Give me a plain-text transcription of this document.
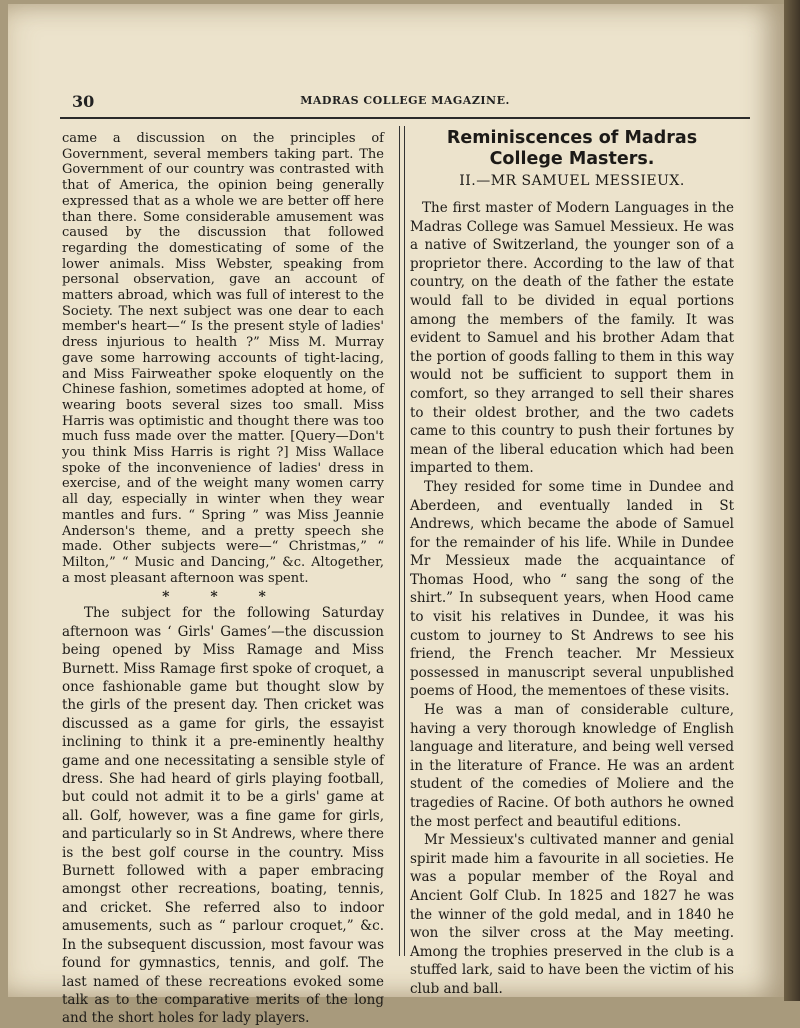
30	MADRAS COLLEGE MAGAZINE.

came a discussion on the principles of Government, several members taking part. The Government of our country was contrasted with that of America, the opinion being generally expressed that as a whole we are better off here than there. Some considerable amusement was caused by the discussion that followed regarding the domesticating of some of the lower animals. Miss Webster, speaking from personal observation, gave an account of matters abroad, which was full of interest to the Society. The next subject was one dear to each member's heart—“ Is the present style of ladies' dress injurious to health ?” Miss M. Murray gave some harrowing accounts of tight-lacing, and Miss Fairweather spoke eloquently on the Chinese fashion, sometimes adopted at home, of wearing boots several sizes too small. Miss Harris was optimistic and thought there was too much fuss made over the matter. [Query—Don't you think Miss Harris is right ?] Miss Wallace spoke of the inconvenience of ladies' dress in exercise, and of the weight many women carry all day, especially in winter when they wear mantles and furs. “ Spring ” was Miss Jeannie Anderson's theme, and a pretty speech she made. Other subjects were—“ Christmas,” “ Milton,” “ Music and Dancing,” &c. Altogether, a most pleasant afternoon was spent.

* * *

The subject for the following Saturday afternoon was ‘ Girls' Games’—the discussion being opened by Miss Ramage and Miss Burnett. Miss Ramage first spoke of croquet, a once fashionable game but thought slow by the girls of the present day. Then cricket was discussed as a game for girls, the essayist inclining to think it a pre-eminently healthy game and one necessitating a sensible style of dress. She had heard of girls playing football, but could not admit it to be a girls' game at all. Golf, however, was a fine game for girls, and particularly so in St Andrews, where there is the best golf course in the country. Miss Burnett followed with a paper embracing amongst other recreations, boating, tennis, and cricket. She referred also to indoor amusements, such as “ parlour croquet,” &c. In the subsequent discussion, most favour was found for gymnastics, tennis, and golf. The last named of these recreations evoked some talk as to the comparative merits of the long and the short holes for lady players.

Reminiscences of Madras College Masters.
II.—MR SAMUEL MESSIEUX.

The first master of Modern Languages in the Madras College was Samuel Messieux. He was a native of Switzerland, the younger son of a proprietor there. According to the law of that country, on the death of the father the estate would fall to be divided in equal portions among the members of the family. It was evident to Samuel and his brother Adam that the portion of goods falling to them in this way would not be sufficient to support them in comfort, so they arranged to sell their shares to their oldest brother, and the two cadets came to this country to push their fortunes by mean of the liberal education which had been imparted to them.

They resided for some time in Dundee and Aberdeen, and eventually landed in St Andrews, which became the abode of Samuel for the remainder of his life. While in Dundee Mr Messieux made the acquaintance of Thomas Hood, who “ sang the song of the shirt.” In subsequent years, when Hood came to visit his relatives in Dundee, it was his custom to journey to St Andrews to see his friend, the French teacher. Mr Messieux possessed in manuscript several unpublished poems of Hood, the mementoes of these visits.

He was a man of considerable culture, having a very thorough knowledge of English language and literature, and being well versed in the literature of France. He was an ardent student of the comedies of Moliere and the tragedies of Racine. Of both authors he owned the most perfect and beautiful editions.

Mr Messieux's cultivated manner and genial spirit made him a favourite in all societies. He was a popular member of the Royal and Ancient Golf Club. In 1825 and 1827 he was the winner of the gold medal, and in 1840 he won the silver cross at the May meeting. Among the trophies preserved in the club is a stuffed lark, said to have been the victim of his club and ball.
